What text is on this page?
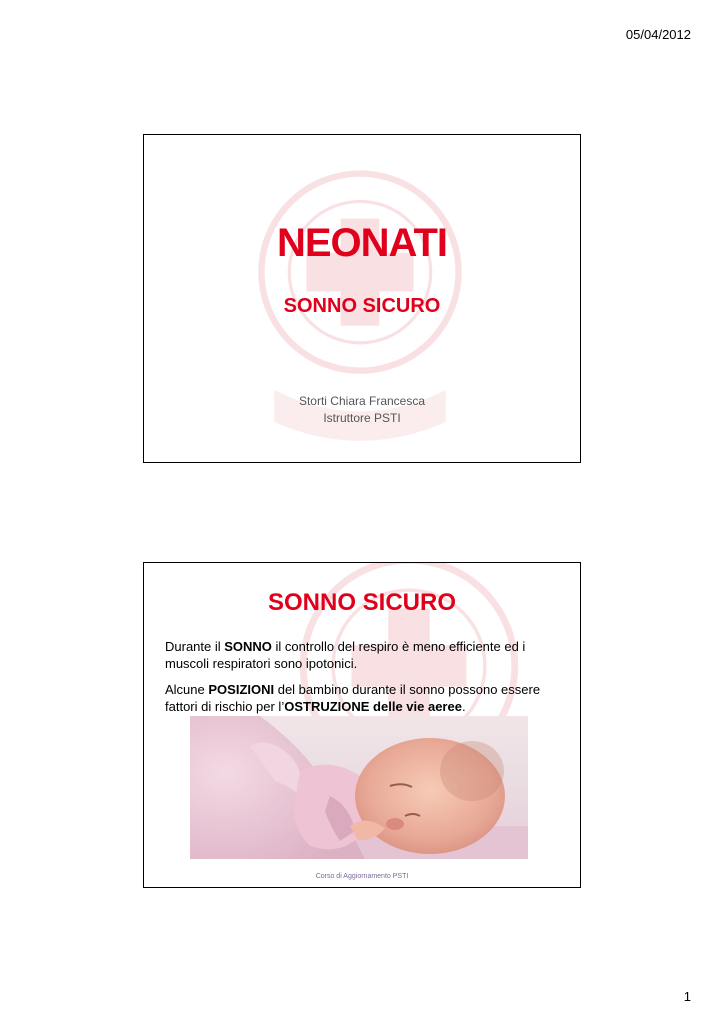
05/04/2012
NEONATI
SONNO SICURO
Storti Chiara Francesca
Istruttore PSTI
SONNO SICURO
Durante il SONNO il controllo del respiro è meno efficiente ed i muscoli respiratori sono ipotonici.
Alcune POSIZIONI del bambino durante il sonno possono essere fattori di rischio per l’OSTRUZIONE delle vie aeree.
Corso di Aggiornamento PSTI
1
